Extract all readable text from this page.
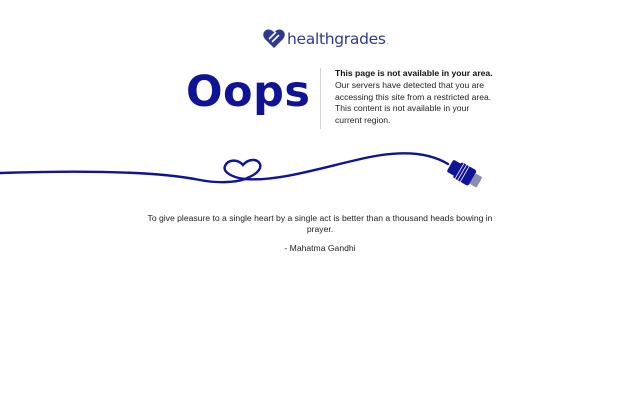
healthgrades .
Oops	This page is not available in your area.
Our servers have detected that you are accessing this site from a restricted area. This content is not available in your current region.
To give pleasure to a single heart by a single act is better than a thousand heads bowing in prayer.
- Mahatma Gandhi
